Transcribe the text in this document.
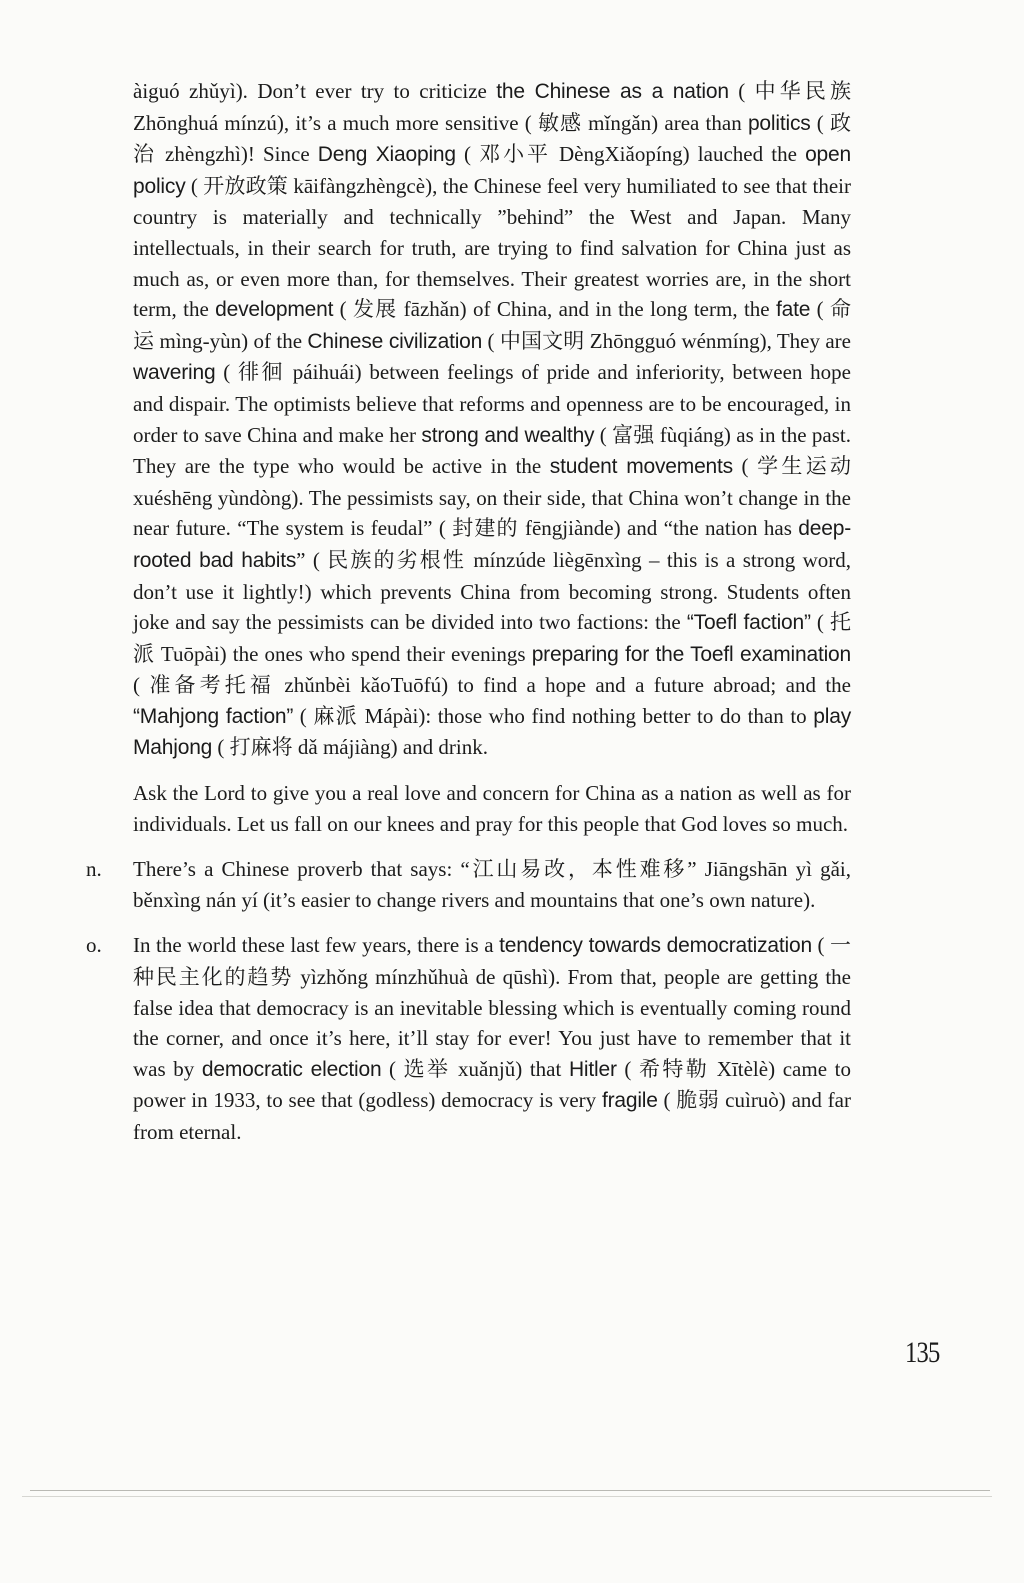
àiguó zhǔyì). Don’t ever try to criticize the Chinese as a nation ( 中华民族 Zhōnghuá mínzú), it’s a much more sensitive ( 敏感 mǐngǎn) area than politics ( 政治 zhèngzhì)! Since Deng Xiaoping ( 邓小平 DèngXiǎopíng) lauched the open policy ( 开放政策 kāifàngzhèngcè), the Chinese feel very humiliated to see that their country is materially and technically ”behind” the West and Japan. Many intellectuals, in their search for truth, are trying to find salvation for China just as much as, or even more than, for themselves. Their greatest worries are, in the short term, the development ( 发展 fāzhǎn) of China, and in the long term, the fate ( 命运 mìng-yùn) of the Chinese civilization ( 中国文明 Zhōngguó wénmíng), They are wavering ( 徘徊 páihuái) between feelings of pride and inferiority, between hope and dispair. The optimists believe that reforms and openness are to be encouraged, in order to save China and make her strong and wealthy ( 富强 fùqiáng) as in the past. They are the type who would be active in the student movements ( 学生运动 xuéshēng yùndòng). The pessimists say, on their side, that China won’t change in the near future. “The system is feudal” ( 封建的 fēngjiànde) and “the nation has deep-rooted bad habits” ( 民族的劣根性 mínzúde liègēnxìng – this is a strong word, don’t use it lightly!) which prevents China from becoming strong. Students often joke and say the pessimists can be divided into two factions: the “Toefl faction” ( 托派 Tuōpài) the ones who spend their evenings preparing for the Toefl examination ( 准备考托福 zhǔnbèi kǎoTuōfú) to find a hope and a future abroad; and the “Mahjong faction” ( 麻派 Mápài): those who find nothing better to do than to play Mahjong ( 打麻将 dǎ májiàng) and drink.

Ask the Lord to give you a real love and concern for China as a nation as well as for individuals. Let us fall on our knees and pray for this people that God loves so much.

n. There’s a Chinese proverb that says: “江山易改，本性难移” Jiāngshān yì gǎi, běnxìng nán yí (it’s easier to change rivers and mountains that one’s own nature).

o. In the world these last few years, there is a tendency towards democratization ( 一种民主化的趋势 yìzhǒng mínzhǔhuà de qūshì). From that, people are getting the false idea that democracy is an inevitable blessing which is eventually coming round the corner, and once it’s here, it’ll stay for ever! You just have to remember that it was by democratic election ( 选举 xuǎnjǔ) that Hitler ( 希特勒 Xītèlè) came to power in 1933, to see that (godless) democracy is very fragile ( 脆弱 cuìruò) and far from eternal.

135
